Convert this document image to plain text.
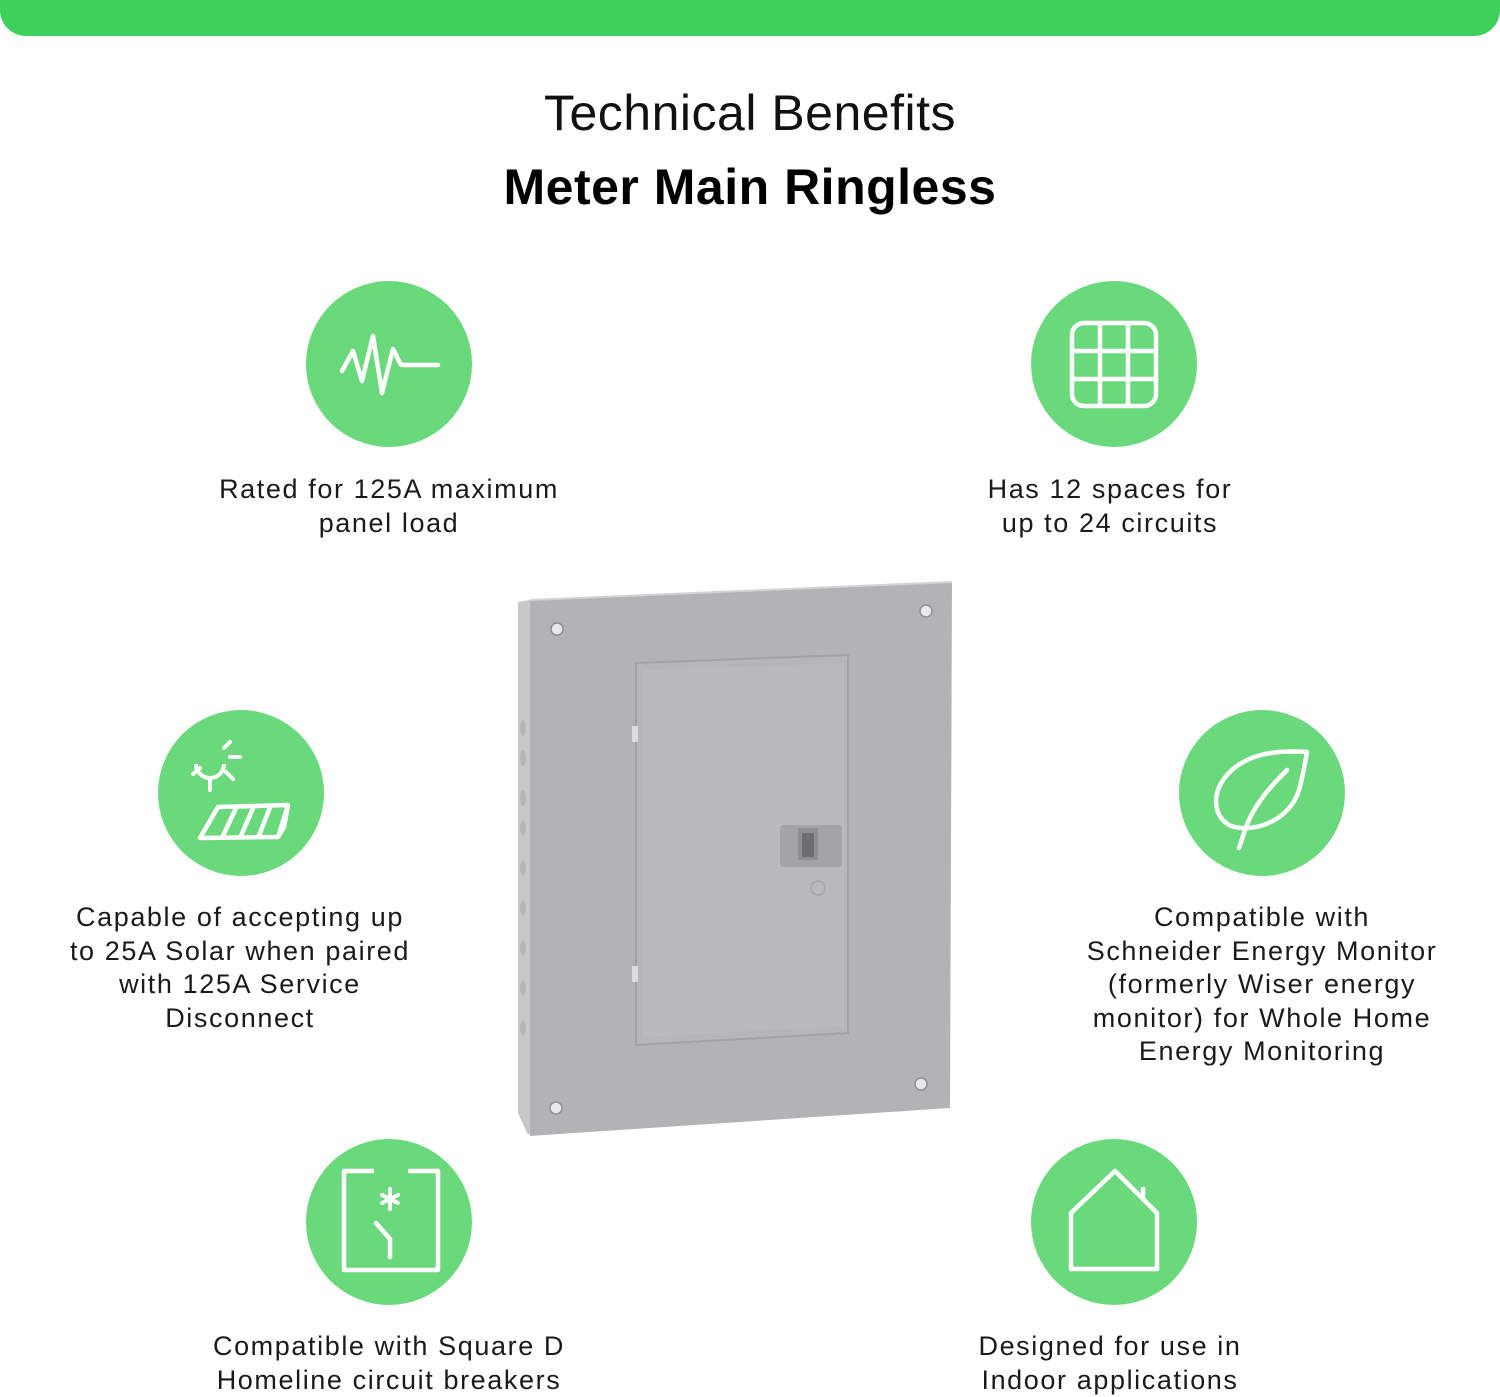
Technical Benefits
Meter Main Ringless
Rated for 125A maximum
panel load
Has 12 spaces for
up to 24 circuits
Capable of accepting up
to 25A Solar when paired
with 125A Service
Disconnect
Compatible with
Schneider Energy Monitor
(formerly Wiser energy
monitor) for Whole Home
Energy Monitoring
Compatible with Square D
Homeline circuit breakers
Designed for use in
Indoor applications
